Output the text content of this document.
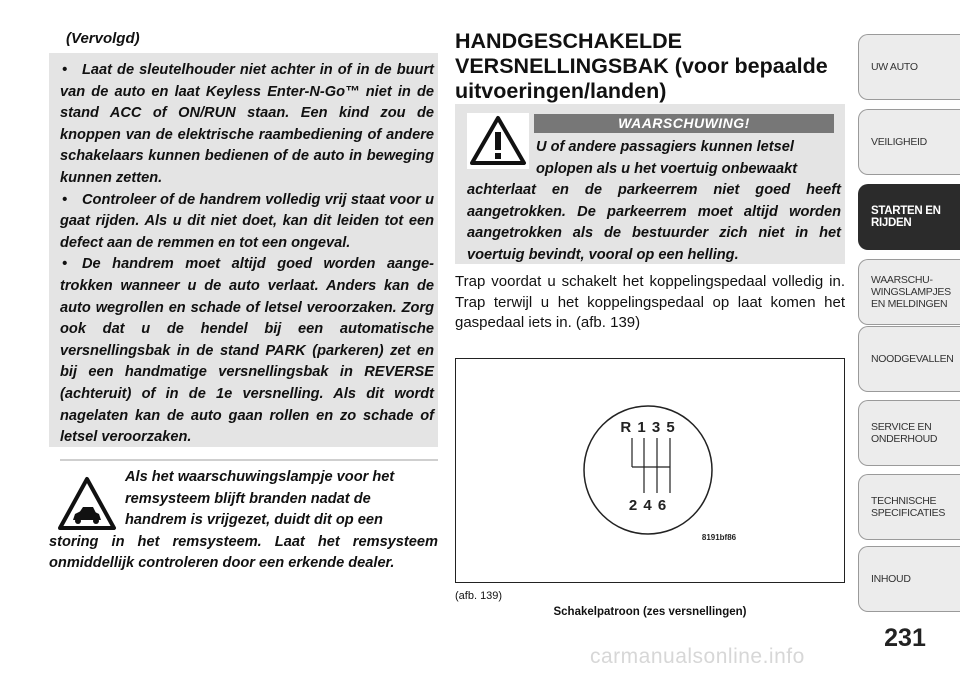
(Vervolgd)

• Laat de sleutelhouder niet achter in of in de buurt van de auto en laat Keyless Enter-N-Go™ niet in de stand ACC of ON/RUN staan. Een kind zou de knoppen van de elektrische raambediening of andere schakelaars kunnen bedienen of de auto in beweging kunnen zetten.

• Controleer of de handrem volledig vrij staat voor u gaat rijden. Als u dit niet doet, kan dit leiden tot een defect aan de remmen en tot een ongeval.

• De handrem moet altijd goed worden aangetrokken wanneer u de auto verlaat. Anders kan de auto wegrollen en schade of letsel veroorzaken. Zorg ook dat u de hendel bij een automatische versnellingsbak in de stand PARK (parkeren) zet en bij een handmatige versnellingsbak in REVERSE (achteruit) of in de 1e versnelling. Als dit wordt nagelaten kan de auto gaan rollen en zo schade of letsel veroorzaken.

Als het waarschuwingslampje voor het
remsysteem blijft branden nadat de
handrem is vrijgezet, duidt dit op een
storing in het remsysteem. Laat het remsysteem onmiddellijk controleren door een erkende dealer.
HANDGESCHAKELDE
VERSNELLINGSBAK (voor bepaalde
uitvoeringen/landen)
WAARSCHUWING!
U of andere passagiers kunnen letsel
oplopen als u het voertuig onbewaakt
achterlaat en de parkeerrem niet goed heeft aangetrokken. De parkeerrem moet altijd worden aangetrokken als de bestuurder zich niet in het voertuig bevindt, vooral op een helling.
Trap voordat u schakelt het koppelingspedaal volledig in. Trap terwijl u het koppelingspedaal op laat komen het gaspedaal iets in. (afb. 139)
R 1 3 5
2 4 6
8191bf86
(afb. 139)
Schakelpatroon (zes versnellingen)
UW AUTO
VEILIGHEID
STARTEN EN
RIJDEN
WAARSCHU-
WINGSLAMPJES
EN MELDINGEN
NOODGEVALLEN
SERVICE EN
ONDERHOUD
TECHNISCHE
SPECIFICATIES
INHOUD
231
carmanualsonline.info
